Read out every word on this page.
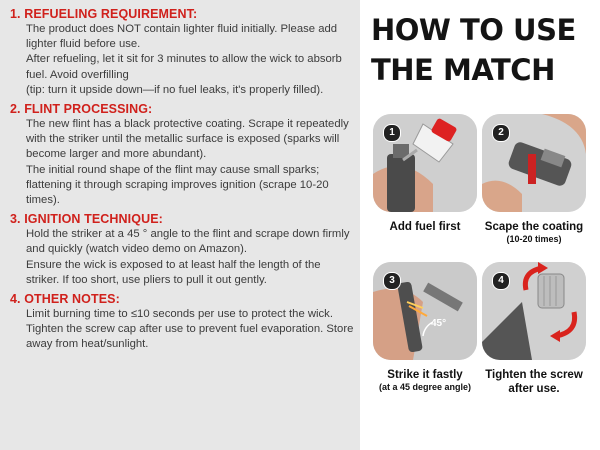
1. REFUELING REQUIREMENT:

The product does NOT contain lighter fluid initially. Please add lighter fluid before use.

After refueling, let it sit for 3 minutes to allow the wick to absorb fuel. Avoid overfilling

(tip: turn it upside down—if no fuel leaks, it's properly filled).

2. FLINT PROCESSING:

The new flint has a black protective coating. Scrape it repeatedly with the striker until the metallic surface is exposed (sparks will become larger and more abundant).

The initial round shape of the flint may cause small sparks; flattening it through scraping improves ignition (scrape 10-20 times).

3. IGNITION TECHNIQUE:

Hold the striker at a 45 ° angle to the flint and scrape down firmly and quickly (watch video demo on Amazon).

Ensure the wick is exposed to at least half the length of the striker. If too short, use pliers to pull it out gently.

4. OTHER NOTES:

Limit burning time to ≤10 seconds per use to protect the wick.

Tighten the screw cap after use to prevent fuel evaporation. Store away from heat/sunlight.

HOW TO USE
THE MATCH
1
Add fuel first
2
Scape the coating
(10-20 times)
3
45°
Strike it fastly
(at a 45 degree angle)
4
Tighten the screw after use.
